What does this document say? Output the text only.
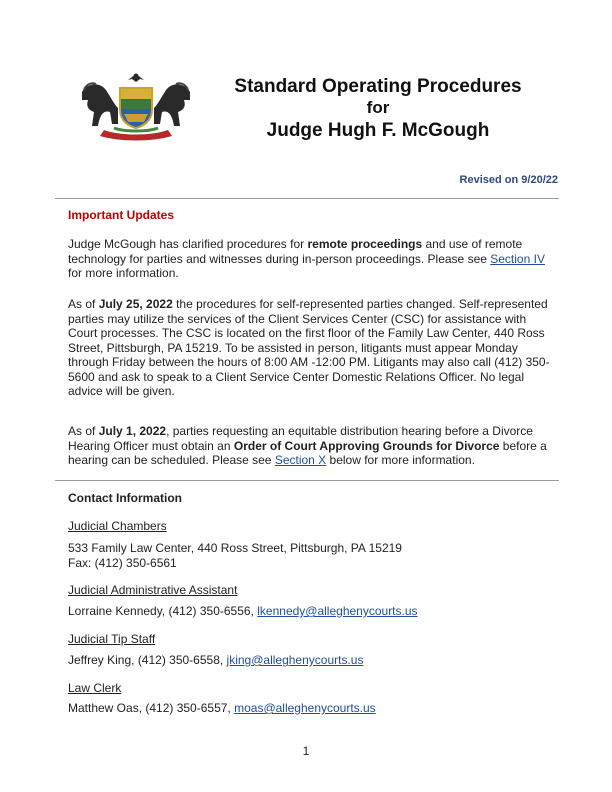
Standard Operating Procedures
for
Judge Hugh F. McGough
Revised on 9/20/22
Important Updates
Judge McGough has clarified procedures for remote proceedings and use of remote technology for parties and witnesses during in-person proceedings. Please see Section IV for more information.
As of July 25, 2022 the procedures for self-represented parties changed. Self-represented parties may utilize the services of the Client Services Center (CSC) for assistance with Court processes. The CSC is located on the first floor of the Family Law Center, 440 Ross Street, Pittsburgh, PA 15219. To be assisted in person, litigants must appear Monday through Friday between the hours of 8:00 AM -12:00 PM. Litigants may also call (412) 350-5600 and ask to speak to a Client Service Center Domestic Relations Officer. No legal advice will be given.
As of July 1, 2022, parties requesting an equitable distribution hearing before a Divorce Hearing Officer must obtain an Order of Court Approving Grounds for Divorce before a hearing can be scheduled. Please see Section X below for more information.
Contact Information
Judicial Chambers
533 Family Law Center, 440 Ross Street, Pittsburgh, PA 15219
Fax: (412) 350-6561
Judicial Administrative Assistant
Lorraine Kennedy, (412) 350-6556, lkennedy@alleghenycourts.us
Judicial Tip Staff
Jeffrey King, (412) 350-6558, jking@alleghenycourts.us
Law Clerk
Matthew Oas, (412) 350-6557, moas@alleghenycourts.us
1
